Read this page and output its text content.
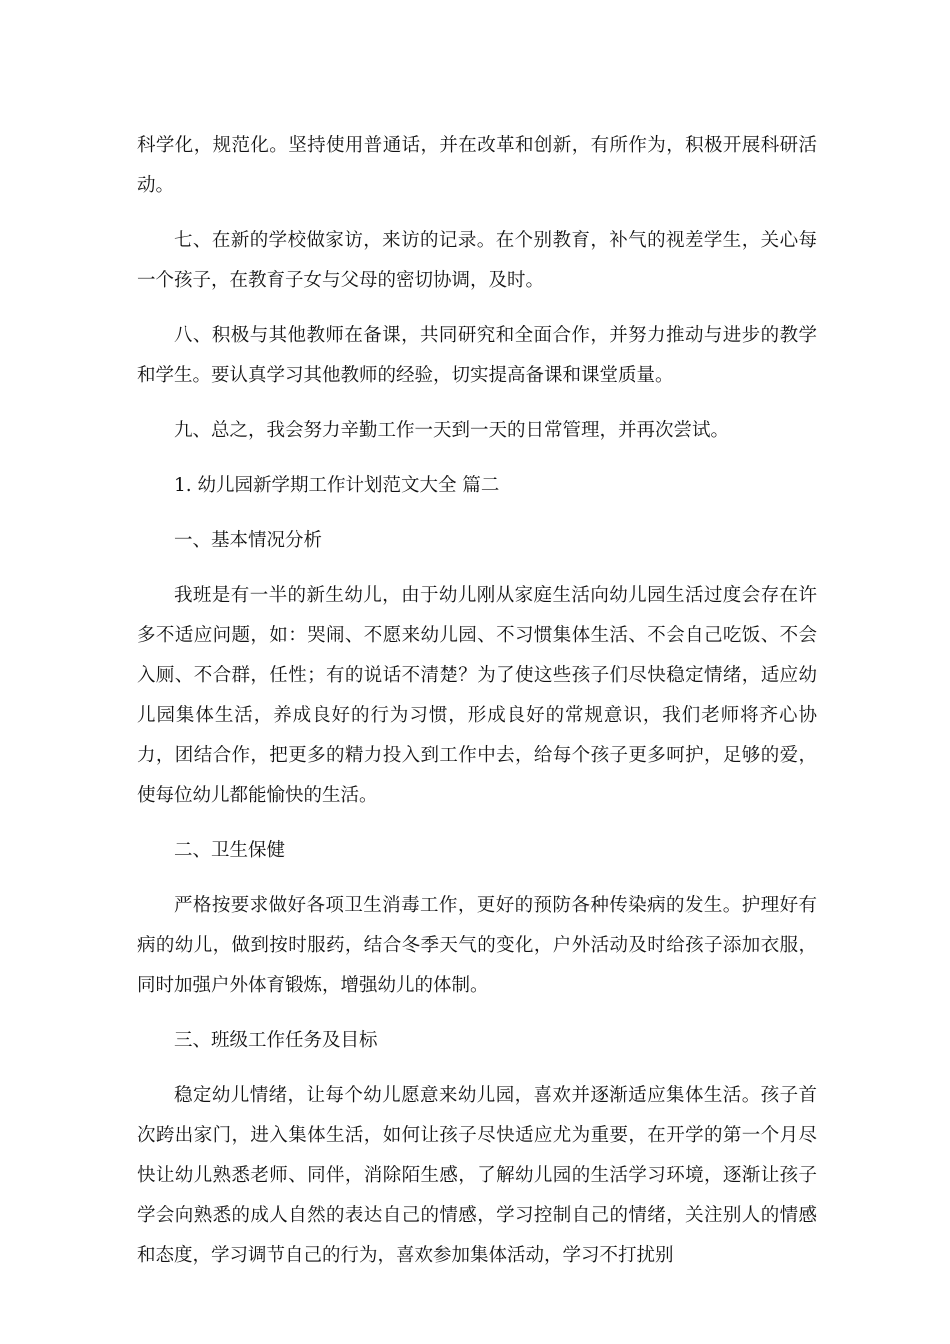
科学化，规范化。坚持使用普通话，并在改革和创新，有所作为，积极开展科研活动。

七、在新的学校做家访，来访的记录。在个别教育，补气的视差学生，关心每一个孩子，在教育子女与父母的密切协调，及时。

八、积极与其他教师在备课，共同研究和全面合作，并努力推动与进步的教学和学生。要认真学习其他教师的经验，切实提高备课和课堂质量。

九、总之，我会努力辛勤工作一天到一天的日常管理，并再次尝试。

1. 幼儿园新学期工作计划范文大全 篇二

一、基本情况分析

我班是有一半的新生幼儿，由于幼儿刚从家庭生活向幼儿园生活过度会存在许多不适应问题，如：哭闹、不愿来幼儿园、不习惯集体生活、不会自己吃饭、不会入厕、不合群，任性；有的说话不清楚？为了使这些孩子们尽快稳定情绪，适应幼儿园集体生活，养成良好的行为习惯，形成良好的常规意识，我们老师将齐心协力，团结合作，把更多的精力投入到工作中去，给每个孩子更多呵护，足够的爱，使每位幼儿都能愉快的生活。

二、卫生保健

严格按要求做好各项卫生消毒工作，更好的预防各种传染病的发生。护理好有病的幼儿，做到按时服药，结合冬季天气的变化，户外活动及时给孩子添加衣服，同时加强户外体育锻炼，增强幼儿的体制。

三、班级工作任务及目标

稳定幼儿情绪，让每个幼儿愿意来幼儿园，喜欢并逐渐适应集体生活。孩子首次跨出家门，进入集体生活，如何让孩子尽快适应尤为重要，在开学的第一个月尽快让幼儿熟悉老师、同伴，消除陌生感，了解幼儿园的生活学习环境，逐渐让孩子学会向熟悉的成人自然的表达自己的情感，学习控制自己的情绪，关注别人的情感和态度，学习调节自己的行为，喜欢参加集体活动，学习不打扰别
